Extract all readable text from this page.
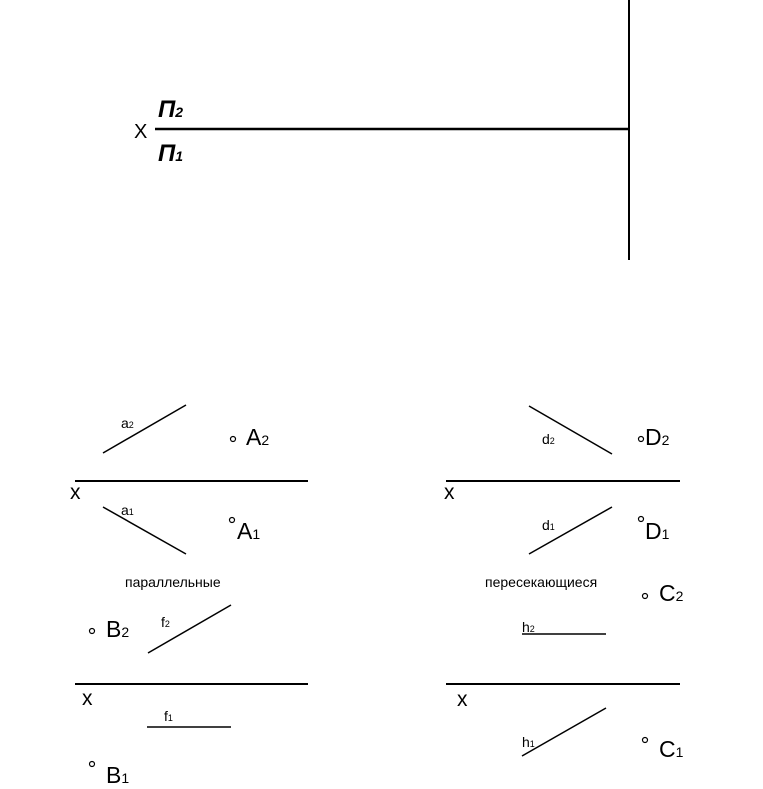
X
П2
П1
x
a2	A2
a1
A1
параллельные
B2
f2
x
f1
B1
x
d2	D2
d1	D1
пересекающиеся	C2
h2
x
h1	C1
